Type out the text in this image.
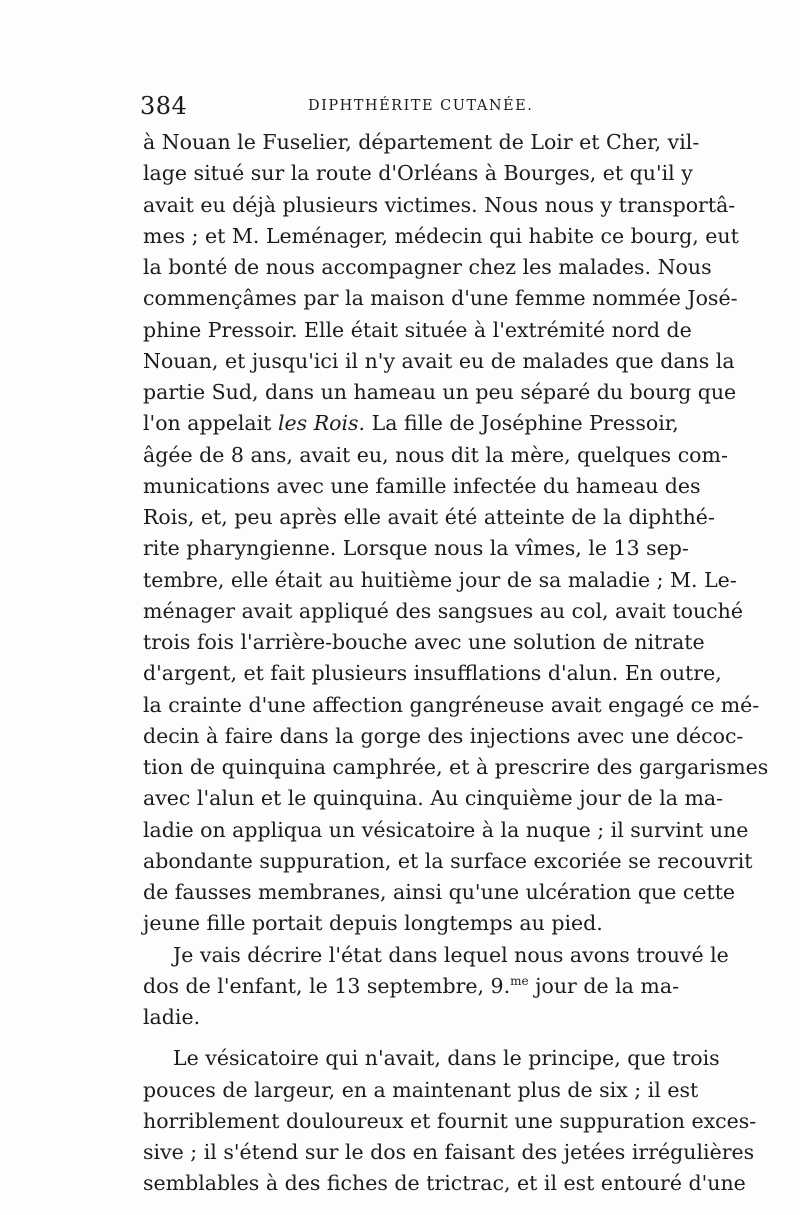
384	DIPHTHÉRITE CUTANÉE.
à Nouan le Fuselier, département de Loir et Cher, vil-
lage situé sur la route d'Orléans à Bourges, et qu'il y
avait eu déjà plusieurs victimes. Nous nous y transportâ-
mes ; et M. Leménager, médecin qui habite ce bourg, eut
la bonté de nous accompagner chez les malades. Nous
commençâmes par la maison d'une femme nommée José-
phine Pressoir. Elle était située à l'extrémité nord de
Nouan, et jusqu'ici il n'y avait eu de malades que dans la
partie Sud, dans un hameau un peu séparé du bourg que
l'on appelait les Rois. La fille de Joséphine Pressoir,
âgée de 8 ans, avait eu, nous dit la mère, quelques com-
munications avec une famille infectée du hameau des
Rois, et, peu après elle avait été atteinte de la diphthé-
rite pharyngienne. Lorsque nous la vîmes, le 13 sep-
tembre, elle était au huitième jour de sa maladie ; M. Le-
ménager avait appliqué des sangsues au col, avait touché
trois fois l'arrière-bouche avec une solution de nitrate
d'argent, et fait plusieurs insufflations d'alun. En outre,
la crainte d'une affection gangréneuse avait engagé ce mé-
decin à faire dans la gorge des injections avec une décoc-
tion de quinquina camphrée, et à prescrire des gargarismes
avec l'alun et le quinquina. Au cinquième jour de la ma-
ladie on appliqua un vésicatoire à la nuque ; il survint une
abondante suppuration, et la surface excoriée se recouvrit
de fausses membranes, ainsi qu'une ulcération que cette
jeune fille portait depuis longtemps au pied.
Je vais décrire l'état dans lequel nous avons trouvé le
dos de l'enfant, le 13 septembre, 9.$^{me}$ jour de la ma-
ladie.
Le vésicatoire qui n'avait, dans le principe, que trois
pouces de largeur, en a maintenant plus de six ; il est
horriblement douloureux et fournit une suppuration exces-
sive ; il s'étend sur le dos en faisant des jetées irrégulières
semblables à des fiches de trictrac, et il est entouré d'une
